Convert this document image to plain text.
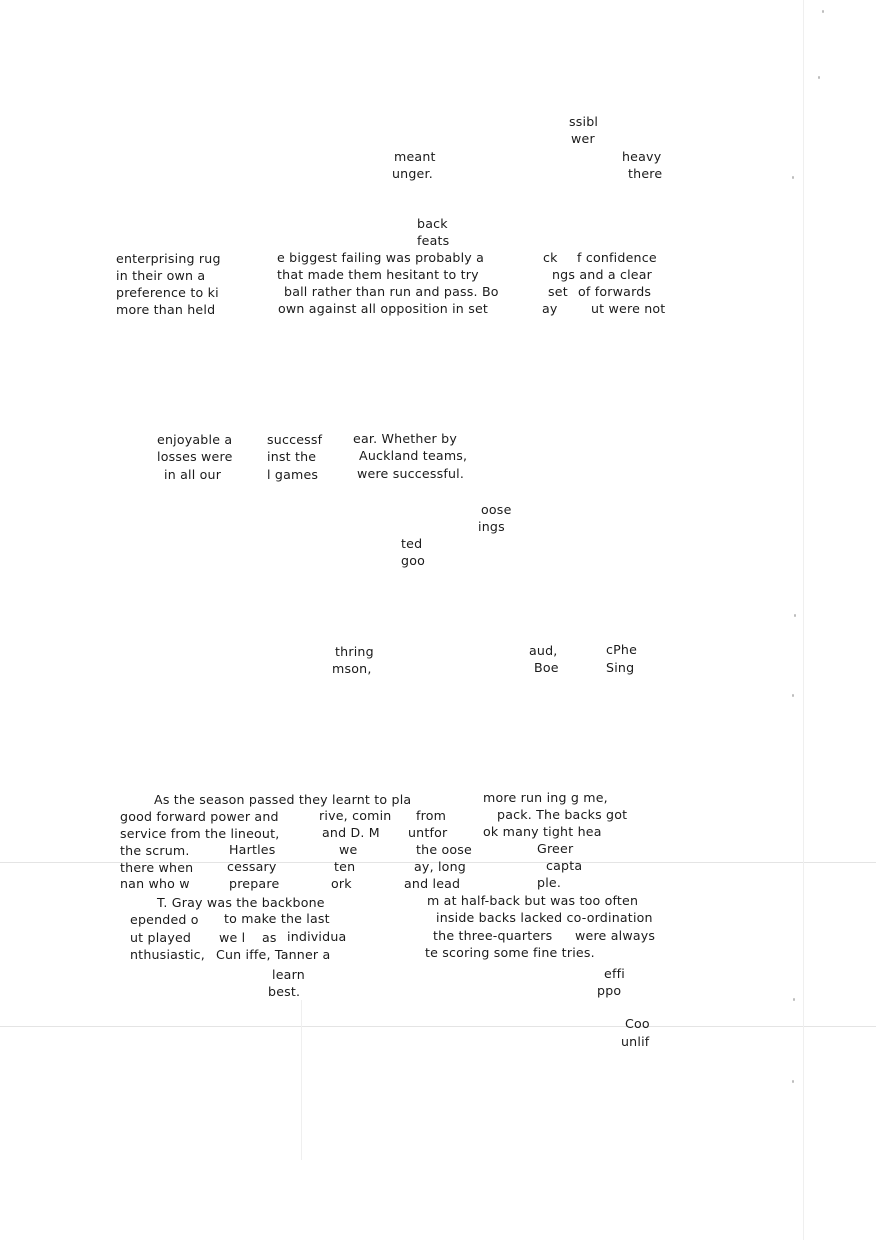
ssibl
wer
meant	heavy
unger.	there
back
feats
enterprising rug	e biggest failing was probably a	ck f confidence
in their own a	that made them hesitant to try	ngs and a clear
preference to ki	ball rather than run and pass. Bo	set of forwards
more than held	own against all opposition in set	ay	ut were not
enjoyable a	successf ear. Whether by
losses were	inst the	Auckland teams,
in all our	l games	were successful.
oose
ings
ted
goo
thring	aud,	cPhe
mson,	Boe	Sing
As the season passed they learnt to pla	more run ing g me,
good forward power and	rive, comin from	pack. The backs got
service from the lineout,	and D. M untfor	ok many tight hea
the scrum.	Hartles	we	the oose	Greer
there when	cessary	ten	ay, long	capta
nan who w	prepare	ork	and lead	ple.
T. Gray was the backbone	m at half-back but was too often
epended o to make the last	inside backs lacked co-ordination
ut played we l as individua	the three-quarters were always
nthusiastic, Cun iffe, Tanner a	te scoring some fine tries.
learn	effi
best.	ppo
Coo
unlif
